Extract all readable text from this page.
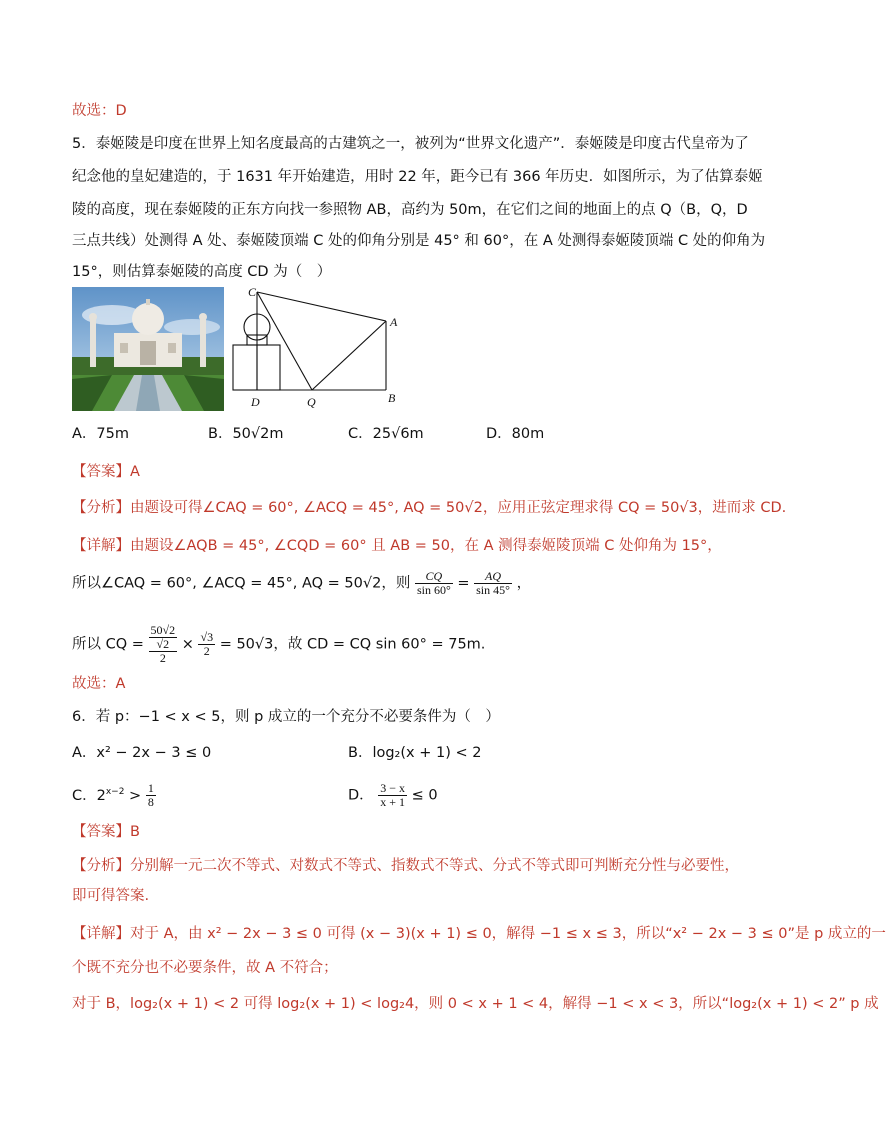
故选：D
5．泰姬陵是印度在世界上知名度最高的古建筑之一，被列为“世界文化遗产”．泰姬陵是印度古代皇帝为了
纪念他的皇妃建造的，于 1631 年开始建造，用时 22 年，距今已有 366 年历史．如图所示，为了估算泰姬
陵的高度，现在泰姬陵的正东方向找一参照物 AB，高约为 50m，在它们之间的地面上的点 Q（B，Q，D
三点共线）处测得 A 处、泰姬陵顶端 C 处的仰角分别是 45° 和 60°，在 A 处测得泰姬陵顶端 C 处的仰角为
15°，则估算泰姬陵的高度 CD 为（　）
C
A
B
D	Q
A．75m	B．50√2m	C．25√6m	D．80m
【答案】A
【分析】由题设可得∠CAQ = 60°, ∠ACQ = 45°, AQ = 50√2，应用正弦定理求得 CQ = 50√3，进而求 CD.
【详解】由题设∠AQB = 45°, ∠CQD = 60° 且 AB = 50，在 A 测得泰姬陵顶端 C 处仰角为 15°，
所以∠CAQ = 60°, ∠ACQ = 45°, AQ = 50√2，则 $\frac{CQ}{\sin 60^\circ} = \frac{AQ}{\sin 45^\circ}$ ，
所以 CQ =
50√2
√2
2
× $\frac{√3}{2} = 50√3$，故 CD = CQ sin 60° = 75m.
故选：A
6．若 p：−1 < x < 5，则 p 成立的一个充分不必要条件为（　）
A．x² − 2x − 3 ≤ 0	B．log₂(x + 1) < 2
C．$2^{x-2} > \frac{1}{8}$	D． $\frac{3 - x}{x + 1} \le 0$
【答案】B
【分析】分别解一元二次不等式、对数式不等式、指数式不等式、分式不等式即可判断充分性与必要性，
即可得答案.
【详解】对于 A，由 x² − 2x − 3 ≤ 0 可得 (x − 3)(x + 1) ≤ 0，解得 −1 ≤ x ≤ 3，所以“x² − 2x − 3 ≤ 0”是 p 成立的一
个既不充分也不必要条件，故 A 不符合；
对于 B，log₂(x + 1) < 2 可得 log₂(x + 1) < log₂4，则 0 < x + 1 < 4，解得 −1 < x < 3，所以“log₂(x + 1) < 2” p 成
